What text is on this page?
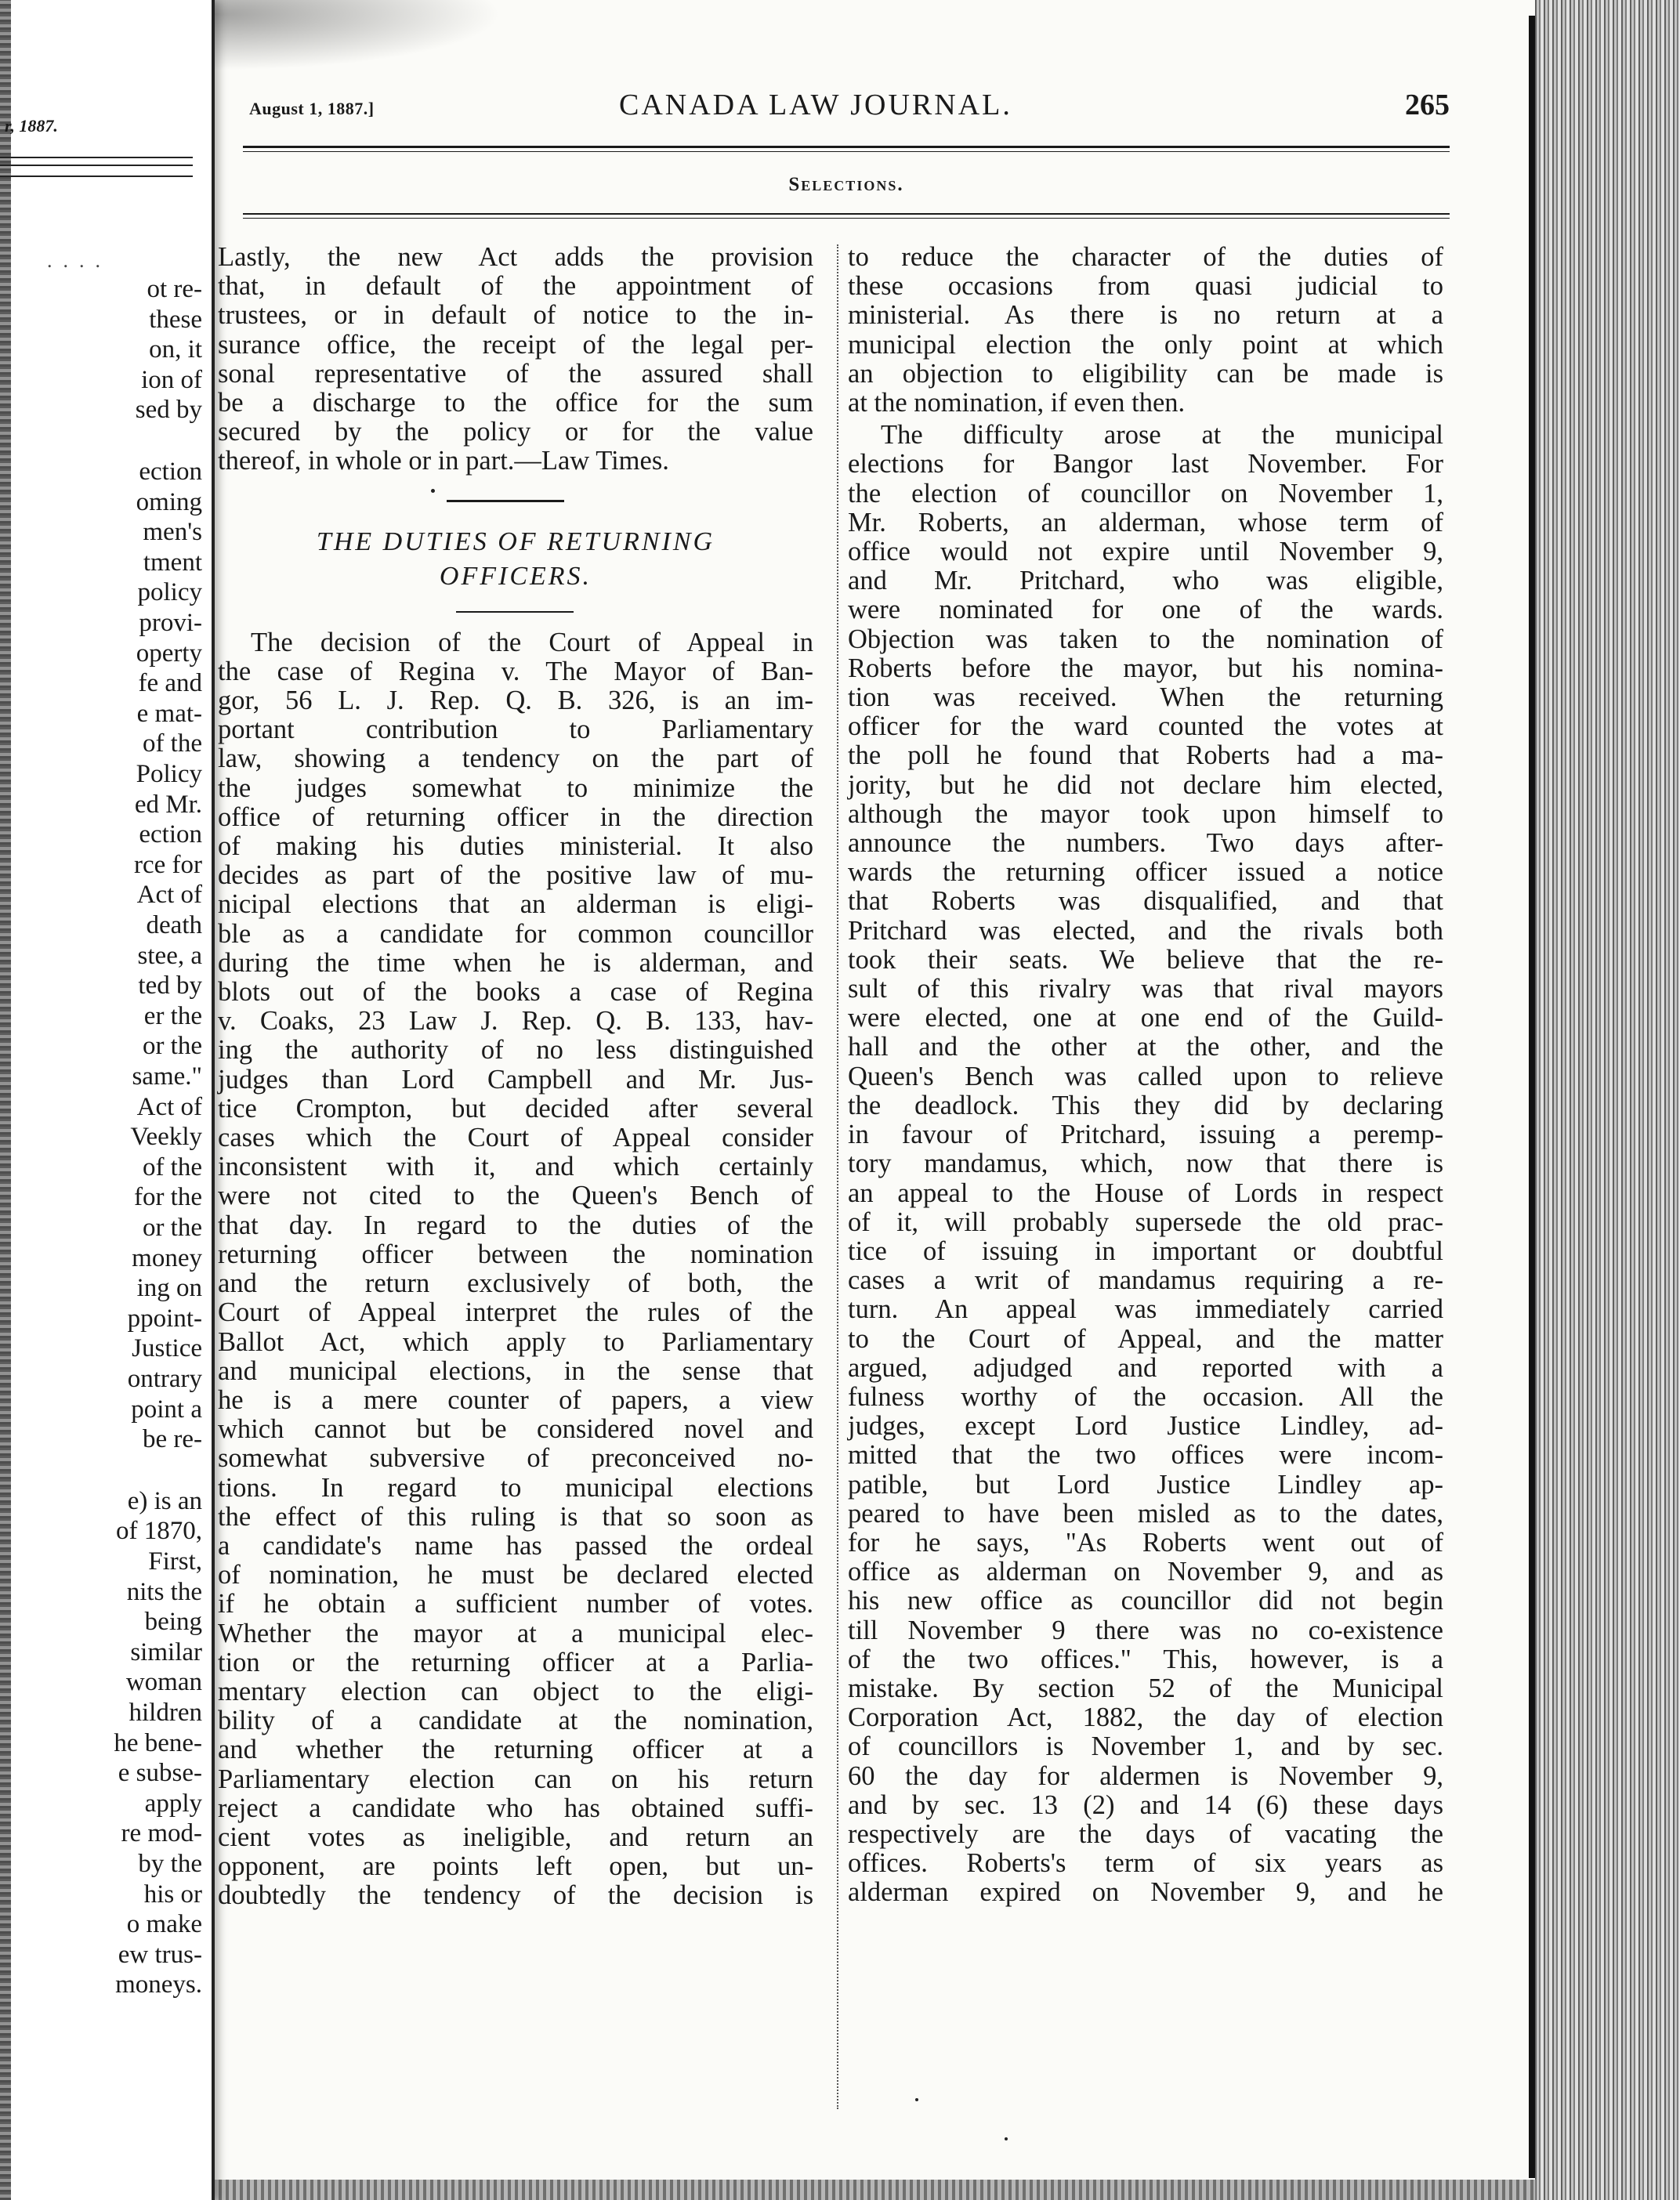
r, 1887.
....
ot re-
these
on, it
ion of
sed by
ection
oming
men's
tment
policy
provi-
operty
fe and
e mat-
of the
Policy
ed Mr.
ection
rce for
Act of
death
stee, a
ted by
er the
or the
same."
Act of
Veekly
of the
for the
or the
money
ing on
ppoint-
Justice
ontrary
point a
be re-
e) is an
of 1870,
First,
nits the
being
similar
woman
hildren
he bene-
e subse-
apply
re mod-
by the
his or
o make
ew trus-
moneys.
August 1, 1887.]	CANADA LAW JOURNAL.	265
Selections.
Lastly, the new Act adds the provision
that, in default of the appointment of
trustees, or in default of notice to the in-
surance office, the receipt of the legal per-
sonal representative of the assured shall
be a discharge to the office for the sum
secured by the policy or for the value
thereof, in whole or in part.—Law Times.
THE DUTIES OF RETURNING
OFFICERS.
The decision of the Court of Appeal in
the case of Regina v. The Mayor of Ban-
gor, 56 L. J. Rep. Q. B. 326, is an im-
portant contribution to Parliamentary
law, showing a tendency on the part of
the judges somewhat to minimize the
office of returning officer in the direction
of making his duties ministerial. It also
decides as part of the positive law of mu-
nicipal elections that an alderman is eligi-
ble as a candidate for common councillor
during the time when he is alderman, and
blots out of the books a case of Regina
v. Coaks, 23 Law J. Rep. Q. B. 133, hav-
ing the authority of no less distinguished
judges than Lord Campbell and Mr. Jus-
tice Crompton, but decided after several
cases which the Court of Appeal consider
inconsistent with it, and which certainly
were not cited to the Queen's Bench of
that day. In regard to the duties of the
returning officer between the nomination
and the return exclusively of both, the
Court of Appeal interpret the rules of the
Ballot Act, which apply to Parliamentary
and municipal elections, in the sense that
he is a mere counter of papers, a view
which cannot but be considered novel and
somewhat subversive of preconceived no-
tions. In regard to municipal elections
the effect of this ruling is that so soon as
a candidate's name has passed the ordeal
of nomination, he must be declared elected
if he obtain a sufficient number of votes.
Whether the mayor at a municipal elec-
tion or the returning officer at a Parlia-
mentary election can object to the eligi-
bility of a candidate at the nomination,
and whether the returning officer at a
Parliamentary election can on his return
reject a candidate who has obtained suffi-
cient votes as ineligible, and return an
opponent, are points left open, but un-
doubtedly the tendency of the decision is
to reduce the character of the duties of
these occasions from quasi judicial to
ministerial. As there is no return at a
municipal election the only point at which
an objection to eligibility can be made is
at the nomination, if even then.
The difficulty arose at the municipal
elections for Bangor last November. For
the election of councillor on November 1,
Mr. Roberts, an alderman, whose term of
office would not expire until November 9,
and Mr. Pritchard, who was eligible,
were nominated for one of the wards.
Objection was taken to the nomination of
Roberts before the mayor, but his nomina-
tion was received. When the returning
officer for the ward counted the votes at
the poll he found that Roberts had a ma-
jority, but he did not declare him elected,
although the mayor took upon himself to
announce the numbers. Two days after-
wards the returning officer issued a notice
that Roberts was disqualified, and that
Pritchard was elected, and the rivals both
took their seats. We believe that the re-
sult of this rivalry was that rival mayors
were elected, one at one end of the Guild-
hall and the other at the other, and the
Queen's Bench was called upon to relieve
the deadlock. This they did by declaring
in favour of Pritchard, issuing a peremp-
tory mandamus, which, now that there is
an appeal to the House of Lords in respect
of it, will probably supersede the old prac-
tice of issuing in important or doubtful
cases a writ of mandamus requiring a re-
turn. An appeal was immediately carried
to the Court of Appeal, and the matter
argued, adjudged and reported with a
fulness worthy of the occasion. All the
judges, except Lord Justice Lindley, ad-
mitted that the two offices were incom-
patible, but Lord Justice Lindley ap-
peared to have been misled as to the dates,
for he says, "As Roberts went out of
office as alderman on November 9, and as
his new office as councillor did not begin
till November 9 there was no co-existence
of the two offices." This, however, is a
mistake. By section 52 of the Municipal
Corporation Act, 1882, the day of election
of councillors is November 1, and by sec.
60 the day for aldermen is November 9,
and by sec. 13 (2) and 14 (6) these days
respectively are the days of vacating the
offices. Roberts's term of six years as
alderman expired on November 9, and he
